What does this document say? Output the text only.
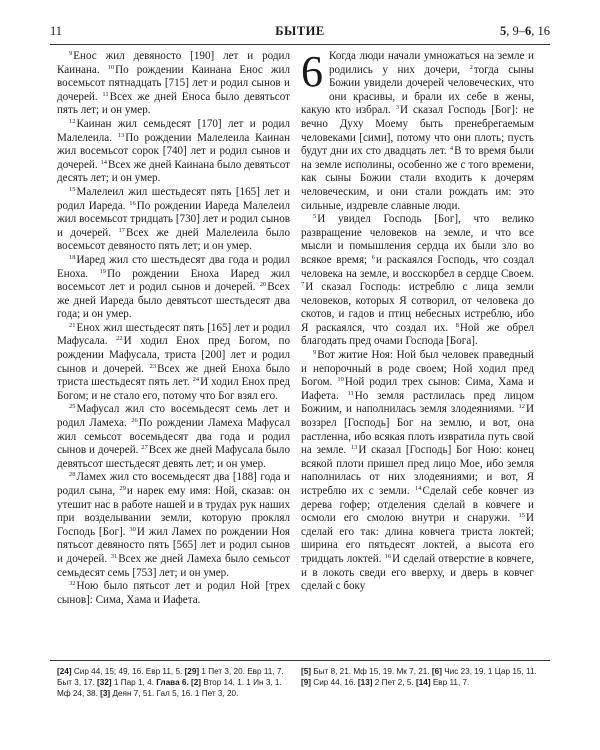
11	БЫТИЕ	5, 9–6, 16

$^9$Енос жил девяносто [190] лет и родил Каинана. $^{10}$По рождении Каинана Енос жил восемьсот пятнадцать [715] лет и родил сынов и дочерей. $^{11}$Всех же дней Еноса было девятьсот пять лет; и он умер.

$^{12}$Каинан жил семьдесят [170] лет и родил Малелеила. $^{13}$По рождении Малелеила Каинан жил восемьсот сорок [740] лет и родил сынов и дочерей. $^{14}$Всех же дней Каинана было девятьсот десять лет; и он умер.

$^{15}$Малелеил жил шестьдесят пять [165] лет и родил Иареда. $^{16}$По рождении Иареда Малелеил жил восемьсот тридцать [730] лет и родил сынов и дочерей. $^{17}$Всех же дней Малелеила было восемьсот девяносто пять лет; и он умер.

$^{18}$Иаред жил сто шестьдесят два года и родил Еноха. $^{19}$По рождении Еноха Иаред жил восемьсот лет и родил сынов и дочерей. $^{20}$Всех же дней Иареда было девятьсот шестьдесят два года; и он умер.

$^{21}$Енох жил шестьдесят пять [165] лет и родил Мафусала. $^{22}$И ходил Енох пред Богом, по рождении Мафусала, триста [200] лет и родил сынов и дочерей. $^{23}$Всех же дней Еноха было триста шестьдесят пять лет. $^{24}$И ходил Енох пред Богом; и не стало его, потому что Бог взял его.

$^{25}$Мафусал жил сто восемьдесят семь лет и родил Ламеха. $^{26}$По рождении Ламеха Мафусал жил семьсот восемьдесят два года и родил сынов и дочерей. $^{27}$Всех же дней Мафусала было девятьсот шестьдесят девять лет; и он умер.

$^{28}$Ламех жил сто восемьдесят два [188] года и родил сына, $^{29}$и нарек ему имя: Ной, сказав: он утешит нас в работе нашей и в трудах рук наших при возделывании земли, которую проклял Господь [Бог]. $^{30}$И жил Ламех по рождении Ноя пятьсот девяносто пять [565] лет и родил сынов и дочерей. $^{31}$Всех же дней Ламеха было семьсот семьдесят семь [753] лет; и он умер.

$^{32}$Ною было пятьсот лет и родил Ной [трех сынов]: Сима, Хама и Иафета.

6 Когда люди начали умножаться на земле и родились у них дочери, $^2$тогда сыны Божии увидели дочерей человеческих, что они красивы, и брали их себе в жены, какую кто избрал. $^3$И сказал Господь [Бог]: не вечно Духу Моему быть пренебрегаемым человеками [сими], потому что они плоть; пусть будут дни их сто двадцать лет. $^4$В то время были на земле исполины, особенно же с того времени, как сыны Божии стали входить к дочерям человеческим, и они стали рождать им: это сильные, издревле славные люди.

$^5$И увидел Господь [Бог], что велико развращение человеков на земле, и что все мысли и помышления сердца их были зло во всякое время; $^6$и раскаялся Господь, что создал человека на земле, и восскорбел в сердце Своем. $^7$И сказал Господь: истреблю с лица земли человеков, которых Я сотворил, от человека до скотов, и гадов и птиц небесных истреблю, ибо Я раскаялся, что создал их. $^8$Ной же обрел благодать пред очами Господа [Бога].

$^9$Вот житие Ноя: Ной был человек праведный и непорочный в роде своем; Ной ходил пред Богом. $^{10}$Ной родил трех сынов: Сима, Хама и Иафета. $^{11}$Но земля растлилась пред лицом Божиим, и наполнилась земля злодеяниями. $^{12}$И воззрел [Господь] Бог на землю, и вот, она растленна, ибо всякая плоть извратила путь свой на земле. $^{13}$И сказал [Господь] Бог Ною: конец всякой плоти пришел пред лицо Мое, ибо земля наполнилась от них злодеяниями; и вот, Я истреблю их с земли. $^{14}$Сделай себе ковчег из дерева гофер; отделения сделай в ковчеге и осмоли его смолою внутри и снаружи. $^{15}$И сделай его так: длина ковчега триста локтей; ширина его пятьдесят локтей, а высота его тридцать локтей. $^{16}$И сделай отверстие в ковчеге, и в локоть сведи его вверху, и дверь в ковчег сделай с боку

[24] Сир 44, 15; 49, 16. Евр 11, 5. [29] 1 Пет 3, 20. Евр 11, 7. Быт 3, 17. [32] 1 Пар 1, 4. Глава 6. [2] Втор 14, 1. 1 Ин 3, 1. Мф 24, 38. [3] Деян 7, 51. Гал 5, 16. 1 Пет 3, 20.
[5] Быт 8, 21. Мф 15, 19. Мк 7, 21. [6] Чис 23, 19. 1 Цар 15, 11. [9] Сир 44, 16. [13] 2 Пет 2, 5. [14] Евр 11, 7.
